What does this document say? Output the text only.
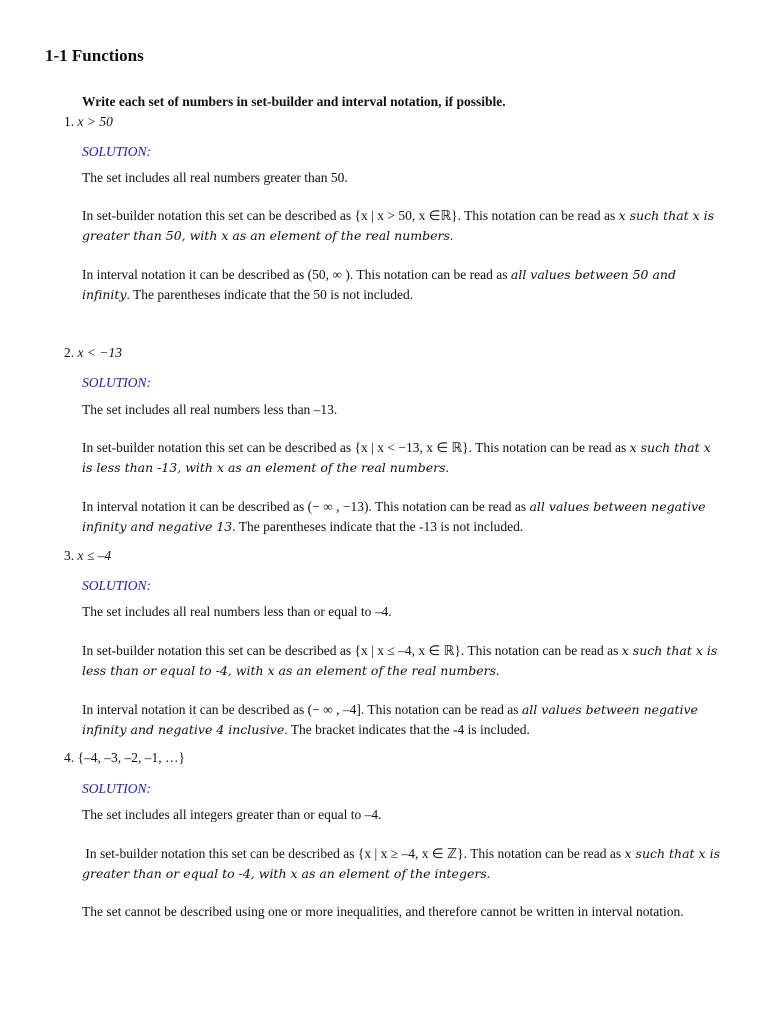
1-1 Functions
Write each set of numbers in set-builder and interval notation, if possible.
1. x > 50
SOLUTION:
The set includes all real numbers greater than 50.
In set-builder notation this set can be described as {x | x > 50, x ∈ℝ}. This notation can be read as x such that x is greater than 50, with x as an element of the real numbers.
In interval notation it can be described as (50, ∞ ). This notation can be read as all values between 50 and infinity. The parentheses indicate that the 50 is not included.
2. x < −13
SOLUTION:
The set includes all real numbers less than –13.
In set-builder notation this set can be described as {x | x < −13, x ∈ ℝ}. This notation can be read as x such that x is less than -13, with x as an element of the real numbers.
In interval notation it can be described as (− ∞ , −13). This notation can be read as all values between negative infinity and negative 13. The parentheses indicate that the -13 is not included.
3. x ≤ –4
SOLUTION:
The set includes all real numbers less than or equal to –4.
In set-builder notation this set can be described as {x | x ≤ –4, x ∈ ℝ}. This notation can be read as x such that x is less than or equal to -4, with x as an element of the real numbers.
In interval notation it can be described as (− ∞ , –4]. This notation can be read as all values between negative infinity and negative 4 inclusive. The bracket indicates that the -4 is included.
4. {–4, –3, –2, –1, …}
SOLUTION:
The set includes all integers greater than or equal to –4.
In set-builder notation this set can be described as {x | x ≥ –4, x ∈ ℤ}. This notation can be read as x such that x is greater than or equal to -4, with x as an element of the integers.
The set cannot be described using one or more inequalities, and therefore cannot be written in interval notation.
